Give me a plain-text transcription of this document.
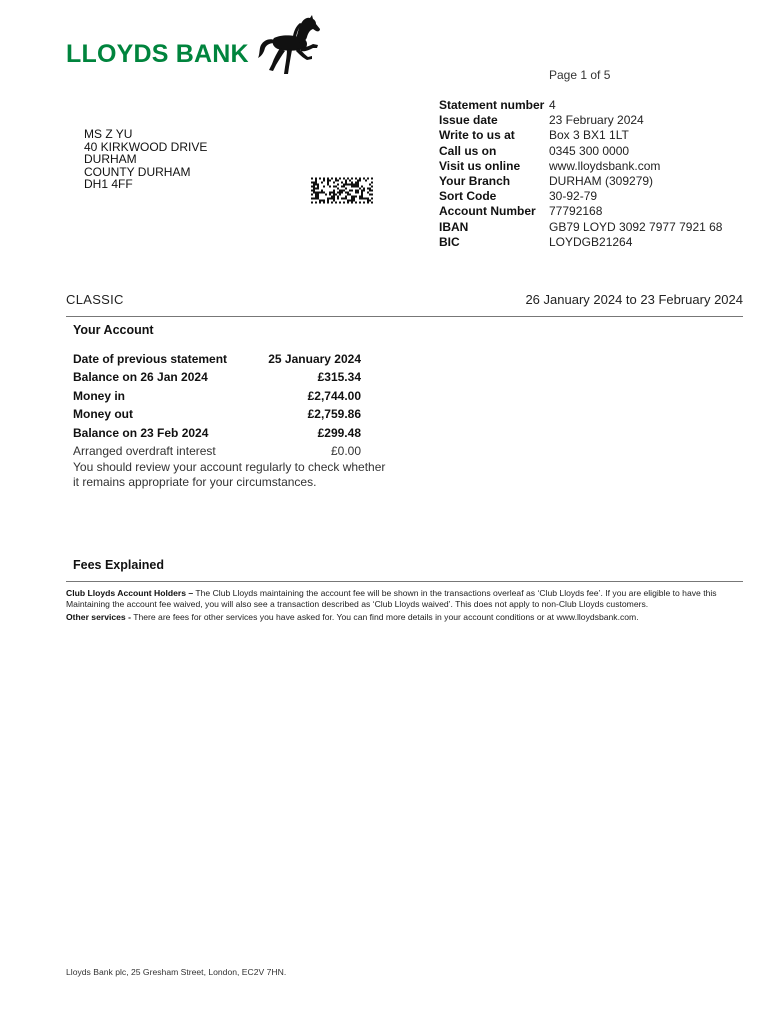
LLOYDS BANK
Page 1 of 5
MS Z YU
40 KIRKWOOD DRIVE
DURHAM
COUNTY DURHAM
DH1 4FF
Statement number 4
Issue date	23 February 2024
Write to us at	Box 3 BX1 1LT
Call us on	0345 300 0000
Visit us online	www.lloydsbank.com
Your Branch	DURHAM (309279)
Sort Code	30-92-79
Account Number	77792168
IBAN	GB79 LOYD 3092 7977 7921 68
BIC	LOYDGB21264
CLASSIC	26 January 2024 to 23 February 2024
Your Account
Date of previous statement	25 January 2024
Balance on 26 Jan 2024	£315.34
Money in	£2,744.00
Money out	£2,759.86
Balance on 23 Feb 2024	£299.48
Arranged overdraft interest	£0.00
You should review your account regularly to check whether it remains appropriate for your circumstances.
Fees Explained

Club Lloyds Account Holders – The Club Lloyds maintaining the account fee will be shown in the transactions overleaf as ‘Club Lloyds fee’. If you are eligible to have this Maintaining the account fee waived, you will also see a transaction described as ‘Club Lloyds waived’. This does not apply to non-Club Lloyds customers.

Other services - There are fees for other services you have asked for. You can find more details in your account conditions or at www.lloydsbank.com.

Lloyds Bank plc, 25 Gresham Street, London, EC2V 7HN.
